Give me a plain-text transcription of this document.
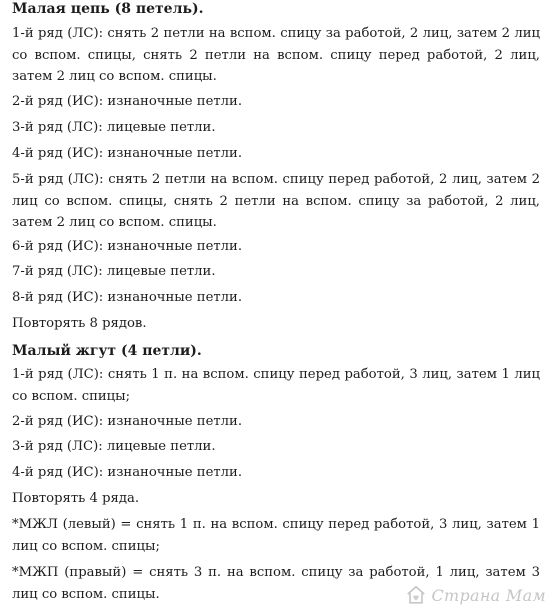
Малая цепь (8 петель).
1-й ряд (ЛС): снять 2 петли на вспом. спицу за работой, 2 лиц, затем 2 лиц со вспом. спицы, снять 2 петли на вспом. спицу перед работой, 2 лиц, затем 2 лиц со вспом. спицы.
2-й ряд (ИС): изнаночные петли.
3-й ряд (ЛС): лицевые петли.
4-й ряд (ИС): изнаночные петли.
5-й ряд (ЛС): снять 2 петли на вспом. спицу перед работой, 2 лиц, затем 2 лиц со вспом. спицы, снять 2 петли на вспом. спицу за работой, 2 лиц, затем 2 лиц со вспом. спицы.
6-й ряд (ИС): изнаночные петли.
7-й ряд (ЛС): лицевые петли.
8-й ряд (ИС): изнаночные петли.
Повторять 8 рядов.
Малый жгут (4 петли).
1-й ряд (ЛС): снять 1 п. на вспом. спицу перед работой, 3 лиц, затем 1 лиц со вспом. спицы;
2-й ряд (ИС): изнаночные петли.
3-й ряд (ЛС): лицевые петли.
4-й ряд (ИС): изнаночные петли.
Повторять 4 ряда.
*МЖЛ (левый) = снять 1 п. на вспом. спицу перед работой, 3 лиц, затем 1 лиц со вспом. спицы;
*МЖП (правый) = снять 3 п. на вспом. спицу за работой, 1 лиц, затем 3 лиц со вспом. спицы.	Страна Мам
